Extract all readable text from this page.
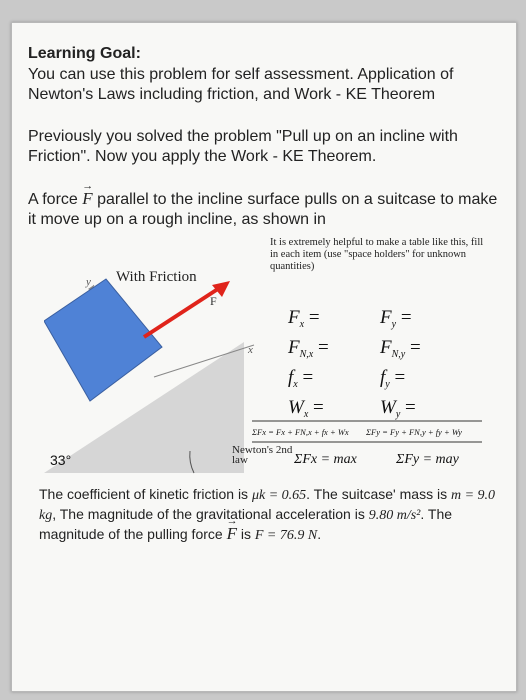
Learning Goal:
You can use this problem for self assessment. Application of Newton's Laws including friction, and Work - KE Theorem
Previously you solved the problem "Pull up on an incline with Friction". Now you apply the Work - KE Theorem.
A force → F parallel to the incline surface pulls on a suitcase to make it move up on a rough incline, as shown in
y
x
F
With Friction
33°
It is extremely helpful to make a table like this, fill in each item (use "space holders" for unknown quantities)
$F_x$ =	$F_y$ =
$F_{N,x}$ =	$F_{N,y}$ =
$f_x$ =	$f_y$ =
$W_x$ =	$W_y$ =
ΣFx = Fx + FN,x + fx + Wx ΣFy = Fy + FN,y + fy + Wy
Newton's 2nd law	ΣFx = max	ΣFy = may
The coefficient of kinetic friction is μk = 0.65. The suitcase' mass is m = 9.0 kg, The magnitude of the gravitational acceleration is 9.80 m/s². The magnitude of the pulling force → F is F = 76.9 N.
